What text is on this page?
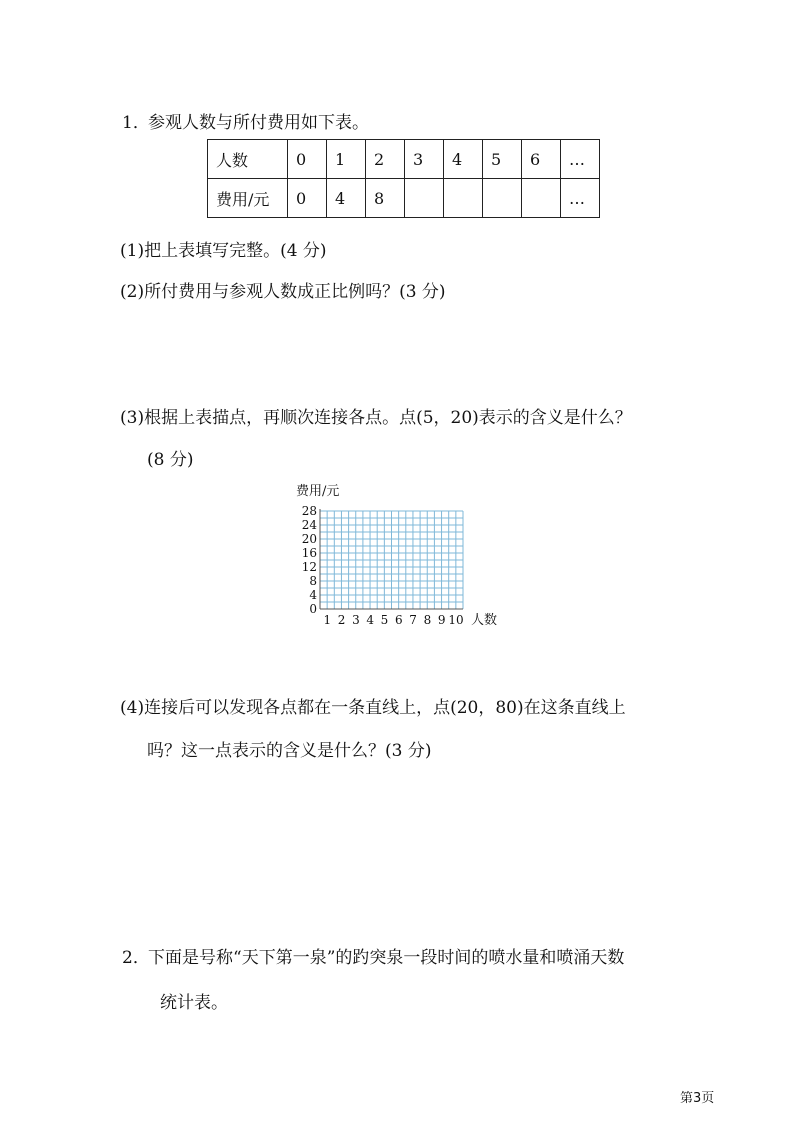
1．参观人数与所付费用如下表。
人数	0	1	2	3	4	5	6	…
费用/元	0	4	8					…
(1)把上表填写完整。(4 分)
(2)所付费用与参观人数成正比例吗？(3 分)
(3)根据上表描点，再顺次连接各点。点(5，20)表示的含义是什么？
(8 分)
费用/元
0
4
8
12
16
20
24
28
1 2 3 4 5 6 7 8 9 10 人数
(4)连接后可以发现各点都在一条直线上，点(20，80)在这条直线上
吗？这一点表示的含义是什么？(3 分)
2．下面是号称“天下第一泉”的趵突泉一段时间的喷水量和喷涌天数
统计表。
第3页
